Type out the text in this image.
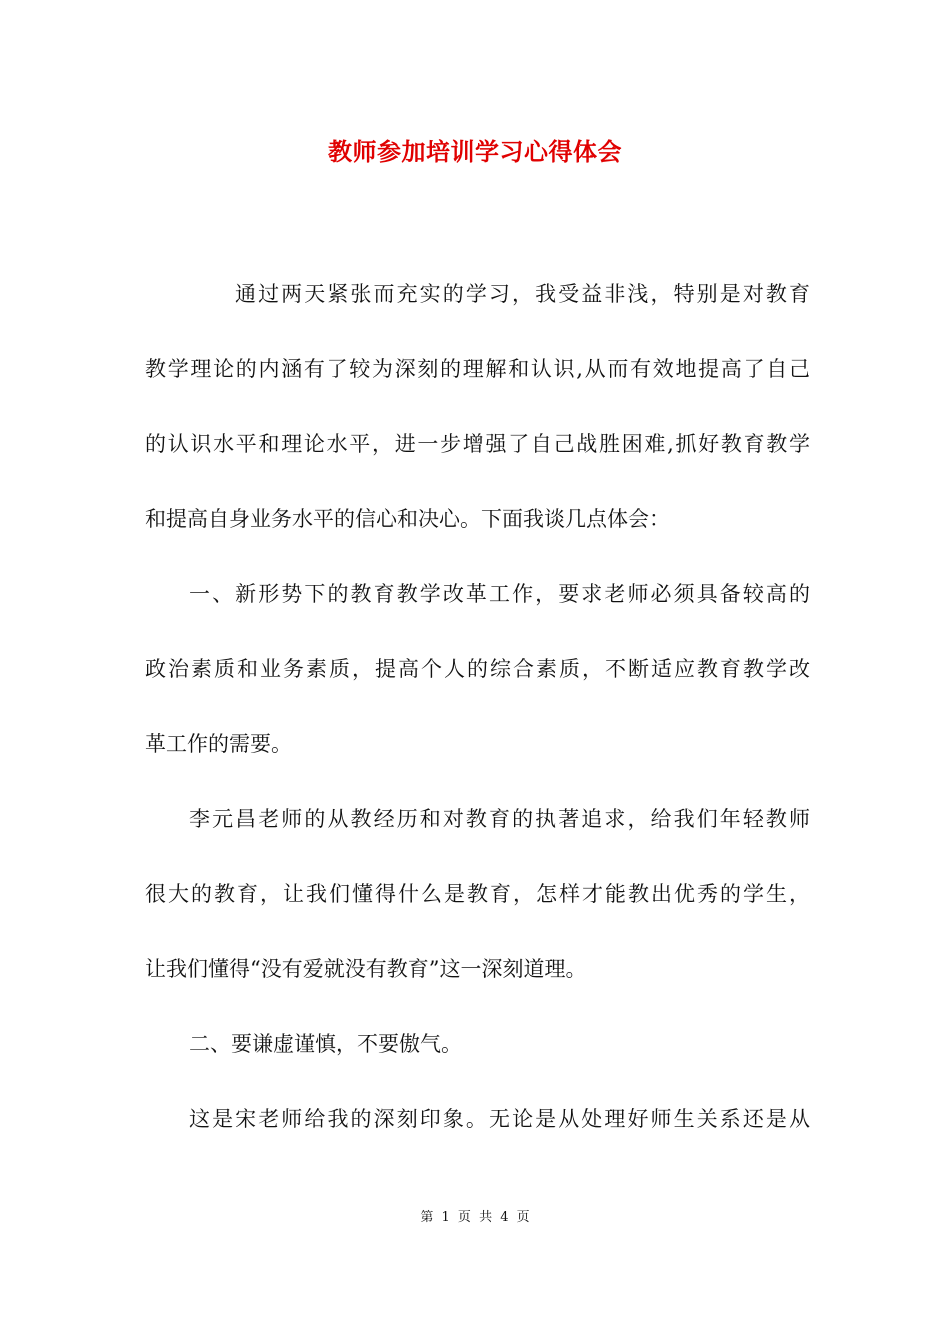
教师参加培训学习心得体会
通过两天紧张而充实的学习，我受益非浅，特别是对教育
教学理论的内涵有了较为深刻的理解和认识,从而有效地提高了自己
的认识水平和理论水平，进一步增强了自己战胜困难,抓好教育教学
和提高自身业务水平的信心和决心。下面我谈几点体会：
一、新形势下的教育教学改革工作，要求老师必须具备较高的
政治素质和业务素质，提高个人的综合素质，不断适应教育教学改
革工作的需要。
李元昌老师的从教经历和对教育的执著追求，给我们年轻教师
很大的教育，让我们懂得什么是教育，怎样才能教出优秀的学生，
让我们懂得“没有爱就没有教育”这一深刻道理。
二、要谦虚谨慎，不要傲气。
这是宋老师给我的深刻印象。无论是从处理好师生关系还是从
第 1 页 共 4 页
